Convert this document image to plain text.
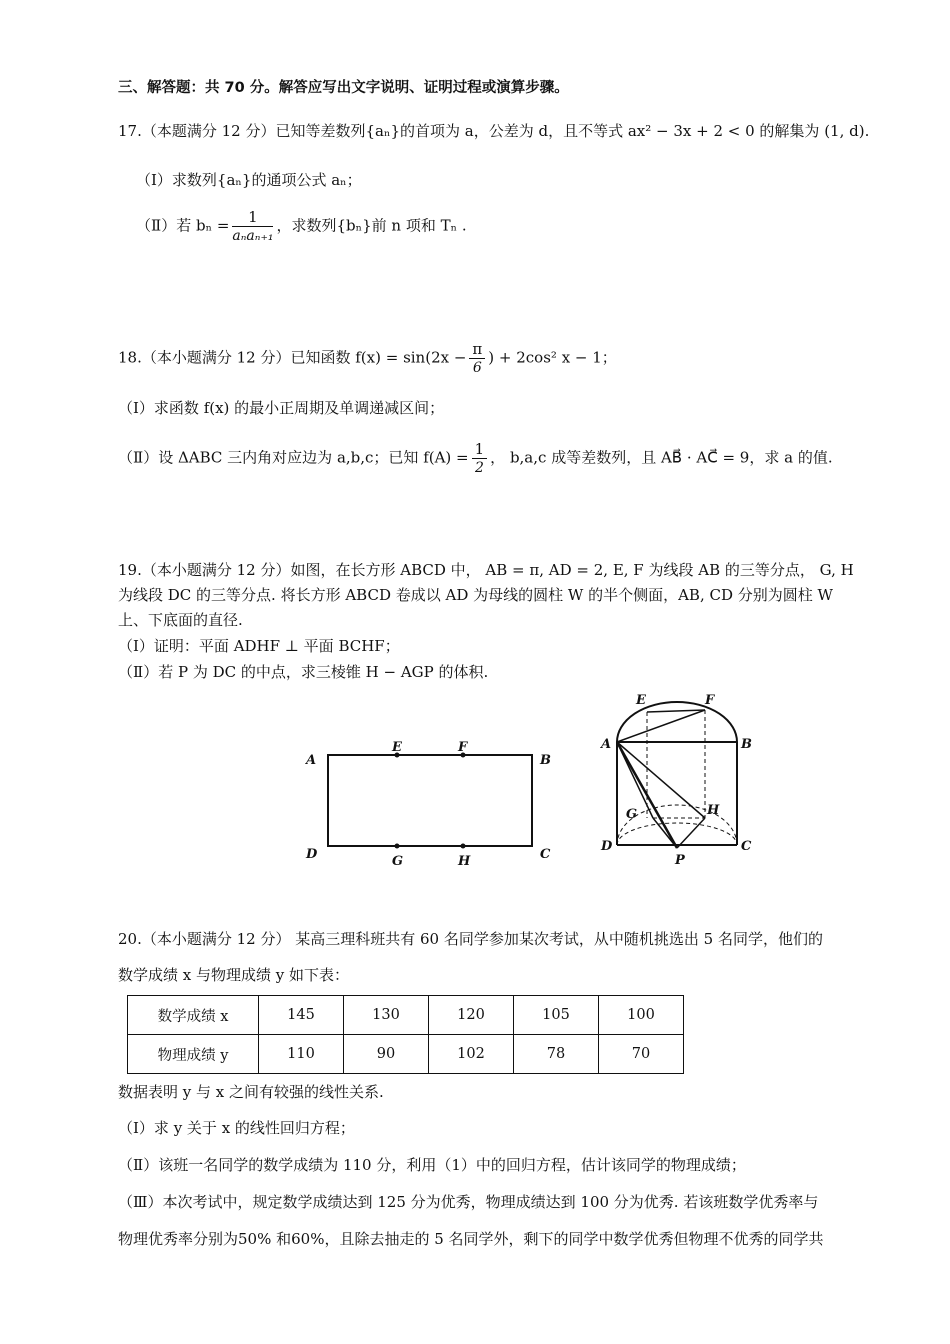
三、解答题：共 70 分。解答应写出文字说明、证明过程或演算步骤。
17.（本题满分 12 分）已知等差数列{aₙ}的首项为 a，公差为 d，且不等式 ax² − 3x + 2 < 0 的解集为 (1, d).
（Ⅰ）求数列{aₙ}的通项公式 aₙ；
（Ⅱ）若 $b_n = \frac{1}{\text{aₙaₙ₊₁}}$ ，求数列{bₙ}前 n 项和 Tₙ .
18.（本小题满分 12 分）已知函数 $f(x) = \sin(2x - \frac{\pi}{6}$ ) + 2cos² x − 1；
（Ⅰ）求函数 f(x) 的最小正周期及单调递减区间；
（Ⅱ）设 ΔABC 三内角对应边为 a,b,c；已知 $f(A) = \frac{1}{2}$ ， b,a,c 成等差数列，且 AB⃗ · AC⃗ = 9，求 a 的值.
19.（本小题满分 12 分）如图，在长方形 ABCD 中， AB = π, AD = 2, E, F 为线段 AB 的三等分点， G, H
为线段 DC 的三等分点. 将长方形 ABCD 卷成以 AD 为母线的圆柱 W 的半个侧面，AB, CD 分别为圆柱 W
上、下底面的直径.
（Ⅰ）证明：平面 ADHF ⊥ 平面 BCHF；
（Ⅱ）若 P 为 DC 的中点，求三棱锥 H − AGP 的体积.
A	B
C
D
E	F
G	H
E	F
A	B
G	H
D	C
P
20.（本小题满分 12 分） 某高三理科班共有 60 名同学参加某次考试，从中随机挑选出 5 名同学，他们的
数学成绩 x 与物理成绩 y 如下表：
数学成绩 x	145	130	120	105	100
物理成绩 y	110	90	102	78	70
数据表明 y 与 x 之间有较强的线性关系.
（Ⅰ）求 y 关于 x 的线性回归方程；
（Ⅱ）该班一名同学的数学成绩为 110 分，利用（1）中的回归方程，估计该同学的物理成绩；
（Ⅲ）本次考试中，规定数学成绩达到 125 分为优秀，物理成绩达到 100 分为优秀. 若该班数学优秀率与
物理优秀率分别为50% 和60%，且除去抽走的 5 名同学外，剩下的同学中数学优秀但物理不优秀的同学共
